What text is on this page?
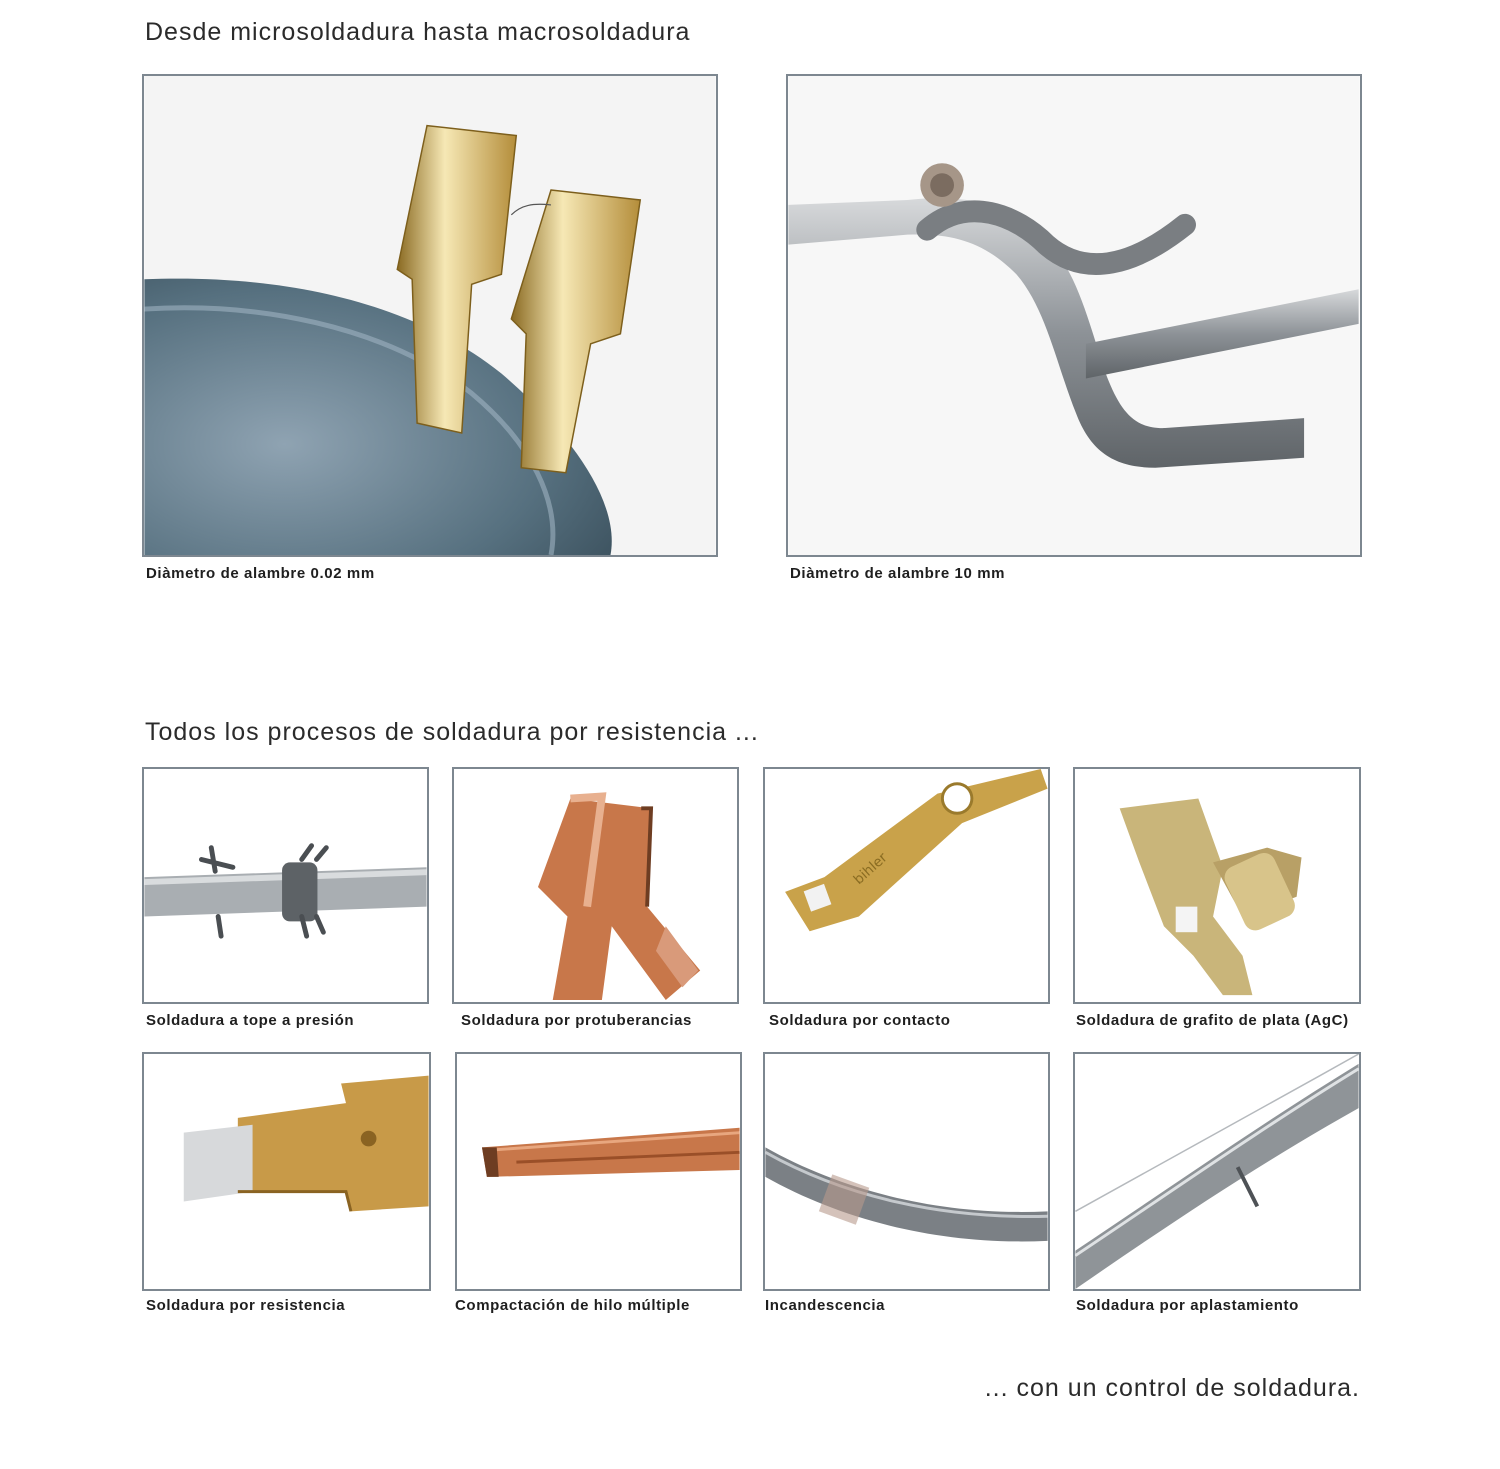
Desde microsoldadura hasta macrosoldadura
Diàmetro de alambre 0.02 mm	Diàmetro de alambre 10 mm
Todos los procesos de soldadura por resistencia ...
Soldadura a tope a presión	Soldadura por protuberancias
bihler
Soldadura por contacto	Soldadura de grafito de plata (AgC)
Soldadura por resistencia	Compactación de hilo múltiple	Incandescencia	Soldadura por aplastamiento
... con un control de soldadura.
